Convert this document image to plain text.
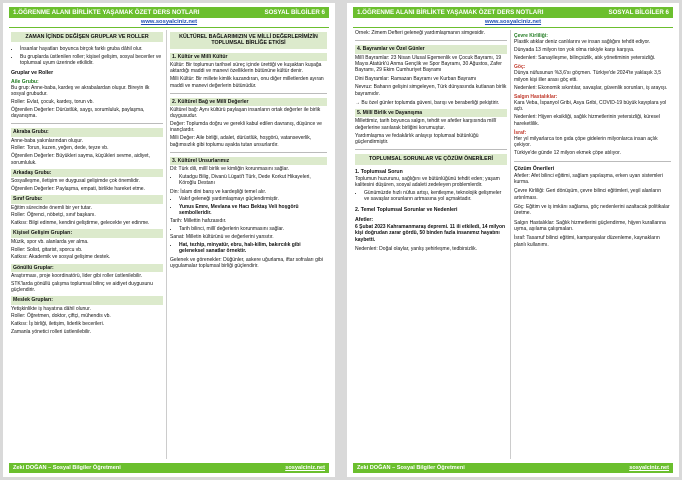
1.ÖĞRENME ALANI BİRLİKTE YAŞAMAK ÖZET DERS NOTLARI	SOSYAL BİLGİLER 6
www.sosyalciniz.net
ZAMAN İÇİNDE DEĞİŞEN GRUPLAR VE ROLLER
• İnsanlar hayatları boyunca birçok farklı gruba dâhil olur.
• Bu gruplarda üstlenilen roller; kişisel gelişim, sosyal beceriler ve toplumsal uyum üzerinde etkilidir.
Gruplar ve Roller
Aile Grubu:
Bu grup: Anne-baba, kardeş ve akrabalardan oluşur. Bireyin ilk sosyal grubudur.
Roller: Evlat, çocuk, kardeş, torun vb.
Öğrenilen Değerler: Dürüstlük, saygı, sorumluluk, paylaşma, dayanışma.
Akraba Grubu:
Anne-baba yakınlarından oluşur.
Roller: Torun, kuzen, yeğen, dede, teyze vb.
Öğrenilen Değerler: Büyükleri sayma, küçükleri sevme, aidiyet, sorumluluk.
Arkadaş Grubu:
Sosyalleşme, iletişim ve duygusal gelişimde çok önemlidir.
Öğrenilen Değerler: Paylaşma, empati, birlikte hareket etme.
Sınıf Grubu:
Eğitim sürecinde önemli bir yer tutar.
Roller: Öğrenci, nöbetçi, sınıf başkanı.
Katkısı: Bilgi edinme, kendini geliştirme, gelecekte yer edinme.
Kişisel Gelişim Grupları:
Müzik, spor vb. alanlarda yer alma.
Roller: Solist, gitarist, sporcu vb.
Katkısı: Akademik ve sosyal gelişime destek.
Gönüllü Gruplar:
Araştırması, proje koordinatörü, lider gibi roller üstlenilebilir.
STK'larda gönüllü çalışma toplumsal bilinç ve aidiyet duygusunu güçlendirir.
Meslek Grupları:
Yetişkinlikte iş hayatına dâhil olunur.
Roller: Öğretmen, doktor, çiftçi, mühendis vb.
Katkısı: İş birliği, iletişim, liderlik becerileri.
Zamanla yönetici rolleri üstlenilebilir.
KÜLTÜREL BAĞLARIMIZIN VE MİLLİ DEĞERLERİMİZİN TOPLUMSAL BİRLİĞE ETKİSİ
1. Kültür ve Millî Kültür
Kültür: Bir toplumun tarihsel süreç içinde ürettiği ve kuşaktan kuşağa aktardığı maddi ve manevi özelliklerin bütününe kültür denir.
Milli Kültür: Bir millete kimlik kazandıran, onu diğer milletlerden ayıran maddi ve manevi değerlerin bütünüdür.
2. Kültürel Bağ ve Millî Değerler
Kültürel bağ: Aynı kültürü paylaşan insanların ortak değerler ile birlik duygusudur.
Değer: Toplumda doğru ve gerekli kabul edilen davranış, düşünce ve inançlardır.
Milli Değer: Aile birliği, adalet, dürüstlük, hoşgörü, vatanseverlik, bağımsızlık gibi toplumu ayakta tutan unsurlardır.
3. Kültürel Unsurlarımız
Dil: Türk dili, millî birlik ve kimliğin korunmasını sağlar.
• Kutadgu Bilig, Divanü Lügati't Türk, Dede Korkut Hikayeleri, Köroğlu Destanı
Din: İslam dini barış ve kardeşliği temel alır.
• Vakıf geleneği yardımlaşmayı güçlendirmiştir.
• Yunus Emre, Mevlana ve Hacı Bektaş Veli hoşgörü sembolleridir.
Tarih: Millettin hafızasıdır.
• Tarih bilinci, millî değerlerin korunmasını sağlar.
Sanat: Milletin kültürünü ve değerlerini yansıtır.
• Hat, tezhip, minyatür, ebru, halı-kilim, bakırcılık gibi geleneksel sanatlar örnektir.
Gelenek ve görenekler: Düğünler, askere uğurlama, iftar sofraları gibi uygulamalar toplumsal birliği güçlendirir.
Zeki DOĞAN – Sosyal Bilgiler Öğretmeni	sosyalciniz.net
1.ÖĞRENME ALANI BİRLİKTE YAŞAMAK ÖZET DERS NOTLARI	SOSYAL BİLGİLER 6
www.sosyalciniz.net
Örnek: Zimem Defteri geleneği yardımlaşmanın simgesidir.
4. Bayramlar ve Özel Günler
Millî Bayramlar: 23 Nisan Ulusal Egemenlik ve Çocuk Bayramı, 19 Mayıs Atatürk'ü Anma Gençlik ve Spor Bayramı, 30 Ağustos, Zafer Bayramı, 29 Ekim Cumhuriyet Bayramı
Dini Bayramlar: Ramazan Bayramı ve Kurban Bayramı
Nevruz: Baharın gelişini simgeleyen, Türk dünyasında kutlanan birlik bayramıdır.
→ Bu özel günler toplumda güveni, barışı ve beraberliği pekiştirir.
5. Millî Birlik ve Dayanışma
Millettimiz, tarih boyunca salgın, tehdit ve afetler karşısında millî değerlerine sarılarak birliğini korumuştur.
Yardımlaşma ve fedakârlık anlayışı toplumsal bütünlüğü güçlendirmiştir.
TOPLUMSAL SORUNLAR VE ÇÖZÜM ÖNERİLERİ
1. Toplumsal Sorun
Toplumun huzurunu, sağlığını ve bütünlüğünü tehdit eden; yaşam kalitesini düşüren, sosyal adaleti zedeleyen problemlerdir.
• Günümüzde hızlı nüfus artışı, kentleşme, teknolojik gelişmeler ve savaşlar sorunların artmasına yol açmaktadır.
2. Temel Toplumsal Sorunlar ve Nedenleri
Afetler:
6 Şubat 2023 Kahramanmaraş depremi. 11 ili etkiledi, 14 milyon kişi doğrudan zarar gördü, 50 binden fazla insanımız hayatını kaybetti.
Nedenleri: Doğal olaylar, yanlış şehirleşme, tedbirsizlik.
Çevre Kirliliği:
Plastik atıklar deniz canlılarını ve insan sağlığını tehdit ediyor.
Dünyada 13 milyon ton yok olma riskiyle karşı karşıya.
Nedenleri: Sanayileşme, bilinçsizlik, atık yönetiminin yetersizliği.
Göç:
Dünya nüfusunun %3,6'sı göçmen. Türkiye'de 2024'te yaklaşık 3,5 milyon kişi iller arası göç etti.
Nedenleri: Ekonomik sıkıntılar, savaşlar, güvenlik sorunları, iş arayışı.
Salgın Hastalıklar:
Kara Veba, İspanyol Gribi, Asya Gribi, COVID-19 büyük kayıplara yol açtı.
Nedenleri: Hijyen eksikliği, sağlık hizmetlerinin yetersizliği, küresel hareketlilik.
İsraf:
Her yıl milyarlarca ton gıda çöpe gidelerin milyonlarca insan açlık çekiyor.
Türkiye'de günde 12 milyon ekmek çöpe atılıyor.
Çözüm Önerileri
Afetler: Afet bilinci eğitimi, sağlam yapılaşma, erken uyarı sistemleri kurma.
Çevre Kirliliği: Geri dönüşüm, çevre bilinci eğitimleri, yeşil alanların artırılması.
Göç: Eğitim ve iş imkânı sağlama, göç nedenlerini azaltacak politikalar üretme.
Salgın Hastalıklar: Sağlık hizmetlerini güçlendirme, hijyen kurallarına uyma, aşılama çalışmaları.
İsraf: Tasarruf bilinci eğitimi, kampanyalar düzenleme, kaynakların planlı kullanımı.
Zeki DOĞAN – Sosyal Bilgiler Öğretmeni	sosyalciniz.net
